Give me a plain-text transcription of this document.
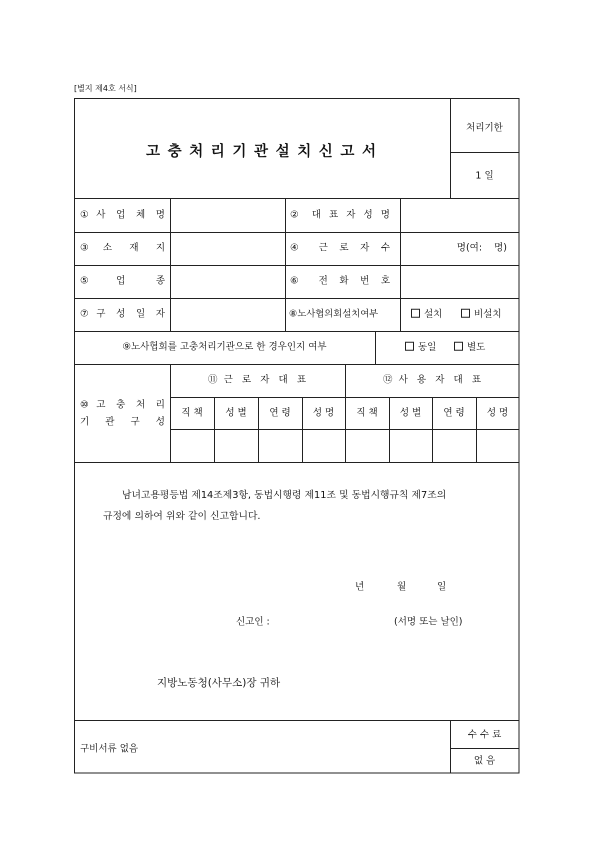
[별지 제4호 서식]
고 충 처 리 기 관 설 치 신 고 서
처리기한
1 일
①사 업 체 명	② 대 표 자 성 명
③소 재 지	④ 근 로 자 수	명(여:    명)
⑤업 종	⑥ 전 화 번 호
⑦구 성 일 자	⑧노사협의회설치여부	설치	비설치
⑨노사협회를 고충처리기관으로 한 경우인지 여부	동일	별도
⑩고 충 처 리
기 관 구 성
⑪근 로 자 대 표	⑫사 용 자 대 표
직 책	성 별	연 령	성 명	직 책	성 별	연 령	성 명
남녀고용평등법 제14조제3항, 동법시행령 제11조 및 동법시행규칙 제7조의
규정에 의하여 위와 같이 신고합니다.
년	월	일
신고인 :	(서명 또는 날인)
지방노동청(사무소)장 귀하
구비서류 없음
수 수 료
없 음
